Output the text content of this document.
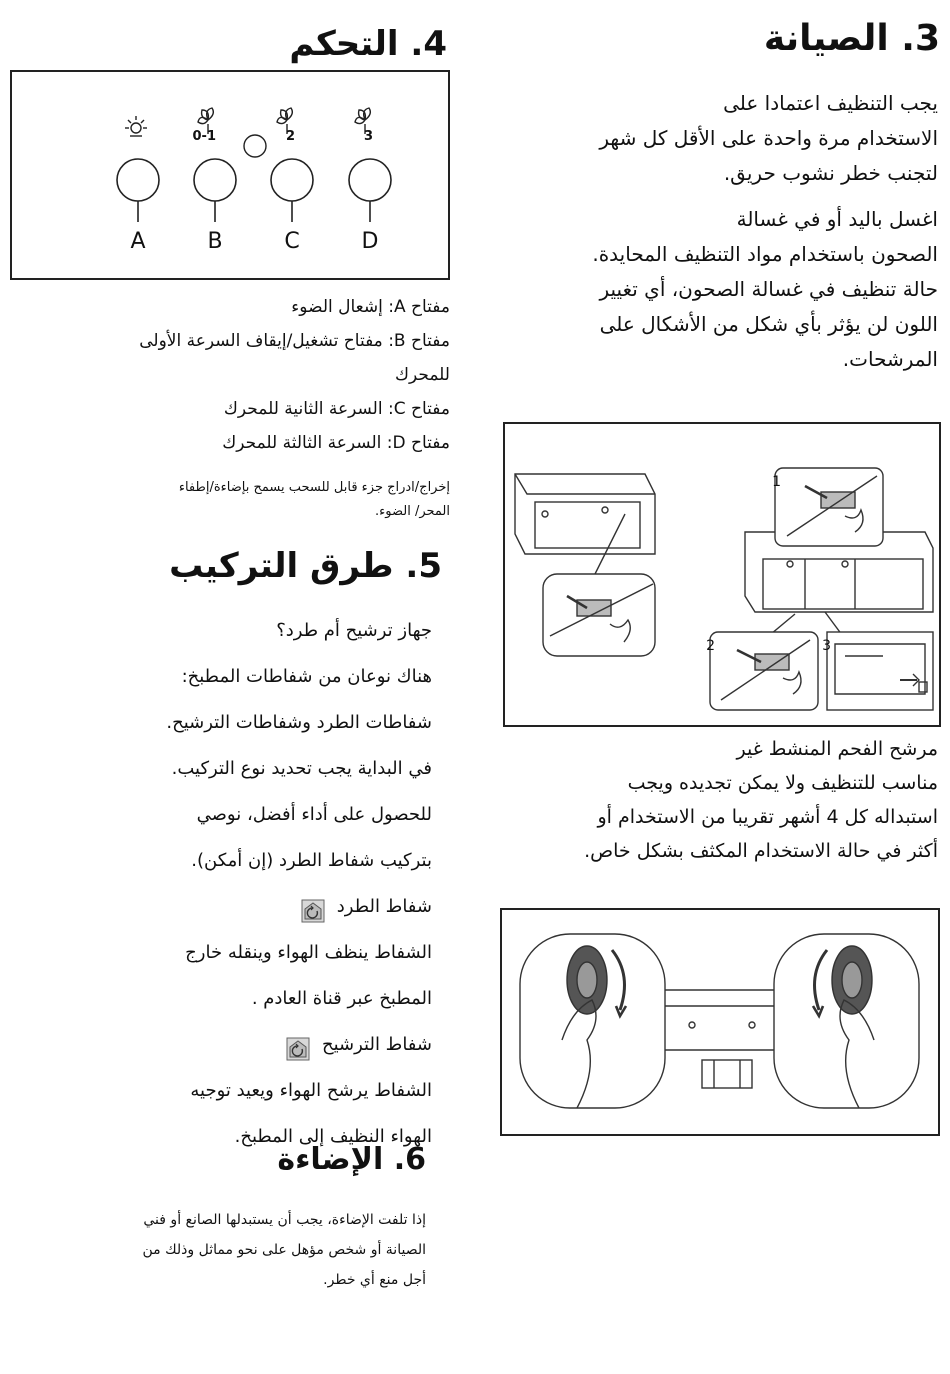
3. الصيانة

يجب التنظيف اعتمادا على

الاستخدام مرة واحدة على الأقل كل شهر

لتجنب خطر نشوب حريق.

اغسل باليد أو في غسالة

الصحون باستخدام مواد التنظيف المحايدة.

حالة تنظيف في غسالة الصحون، أي تغيير

اللون لن يؤثر بأي شكل من الأشكال على

المرشحات.

1
2	3

مرشح الفحم المنشط غير

مناسب للتنظيف ولا يمكن تجديده ويجب

استبداله كل 4 أشهر تقريبا من الاستخدام أو

أكثر في حالة الاستخدام المكثف بشكل خاص.

4. التحكم
0-1	2	3
A	B	C	D

مفتاح A: إشعال الضوء

مفتاح B: مفتاح تشغيل/إيقاف السرعة الأولى

للمحرك

مفتاح C: السرعة الثانية للمحرك

مفتاح D: السرعة الثالثة للمحرك

إخراج/ادراج جزء قابل للسحب يسمح بإضاءة/إطفاء

المحر/ الضوء.

5. طرق التركيب

جهاز ترشيح أم طرد؟

هناك نوعان من شفاطات المطبخ:

شفاطات الطرد وشفاطات الترشيح.

في البداية يجب تحديد نوع التركيب.

للحصول على أداء أفضل، نوصي

بتركيب شفاط الطرد (إن أمكن).

شفاط الطرد

الشفاط ينظف الهواء وينقله خارج

المطبخ عبر قناة العادم .

شفاط الترشيح

الشفاط يرشح الهواء ويعيد توجيه

الهواء النظيف إلى المطبخ.

6. الإضاءة

إذا تلفت الإضاءة، يجب أن يستبدلها الصانع أو فني

الصيانة أو شخص مؤهل على نحو مماثل وذلك من

أجل منع أي خطر.
